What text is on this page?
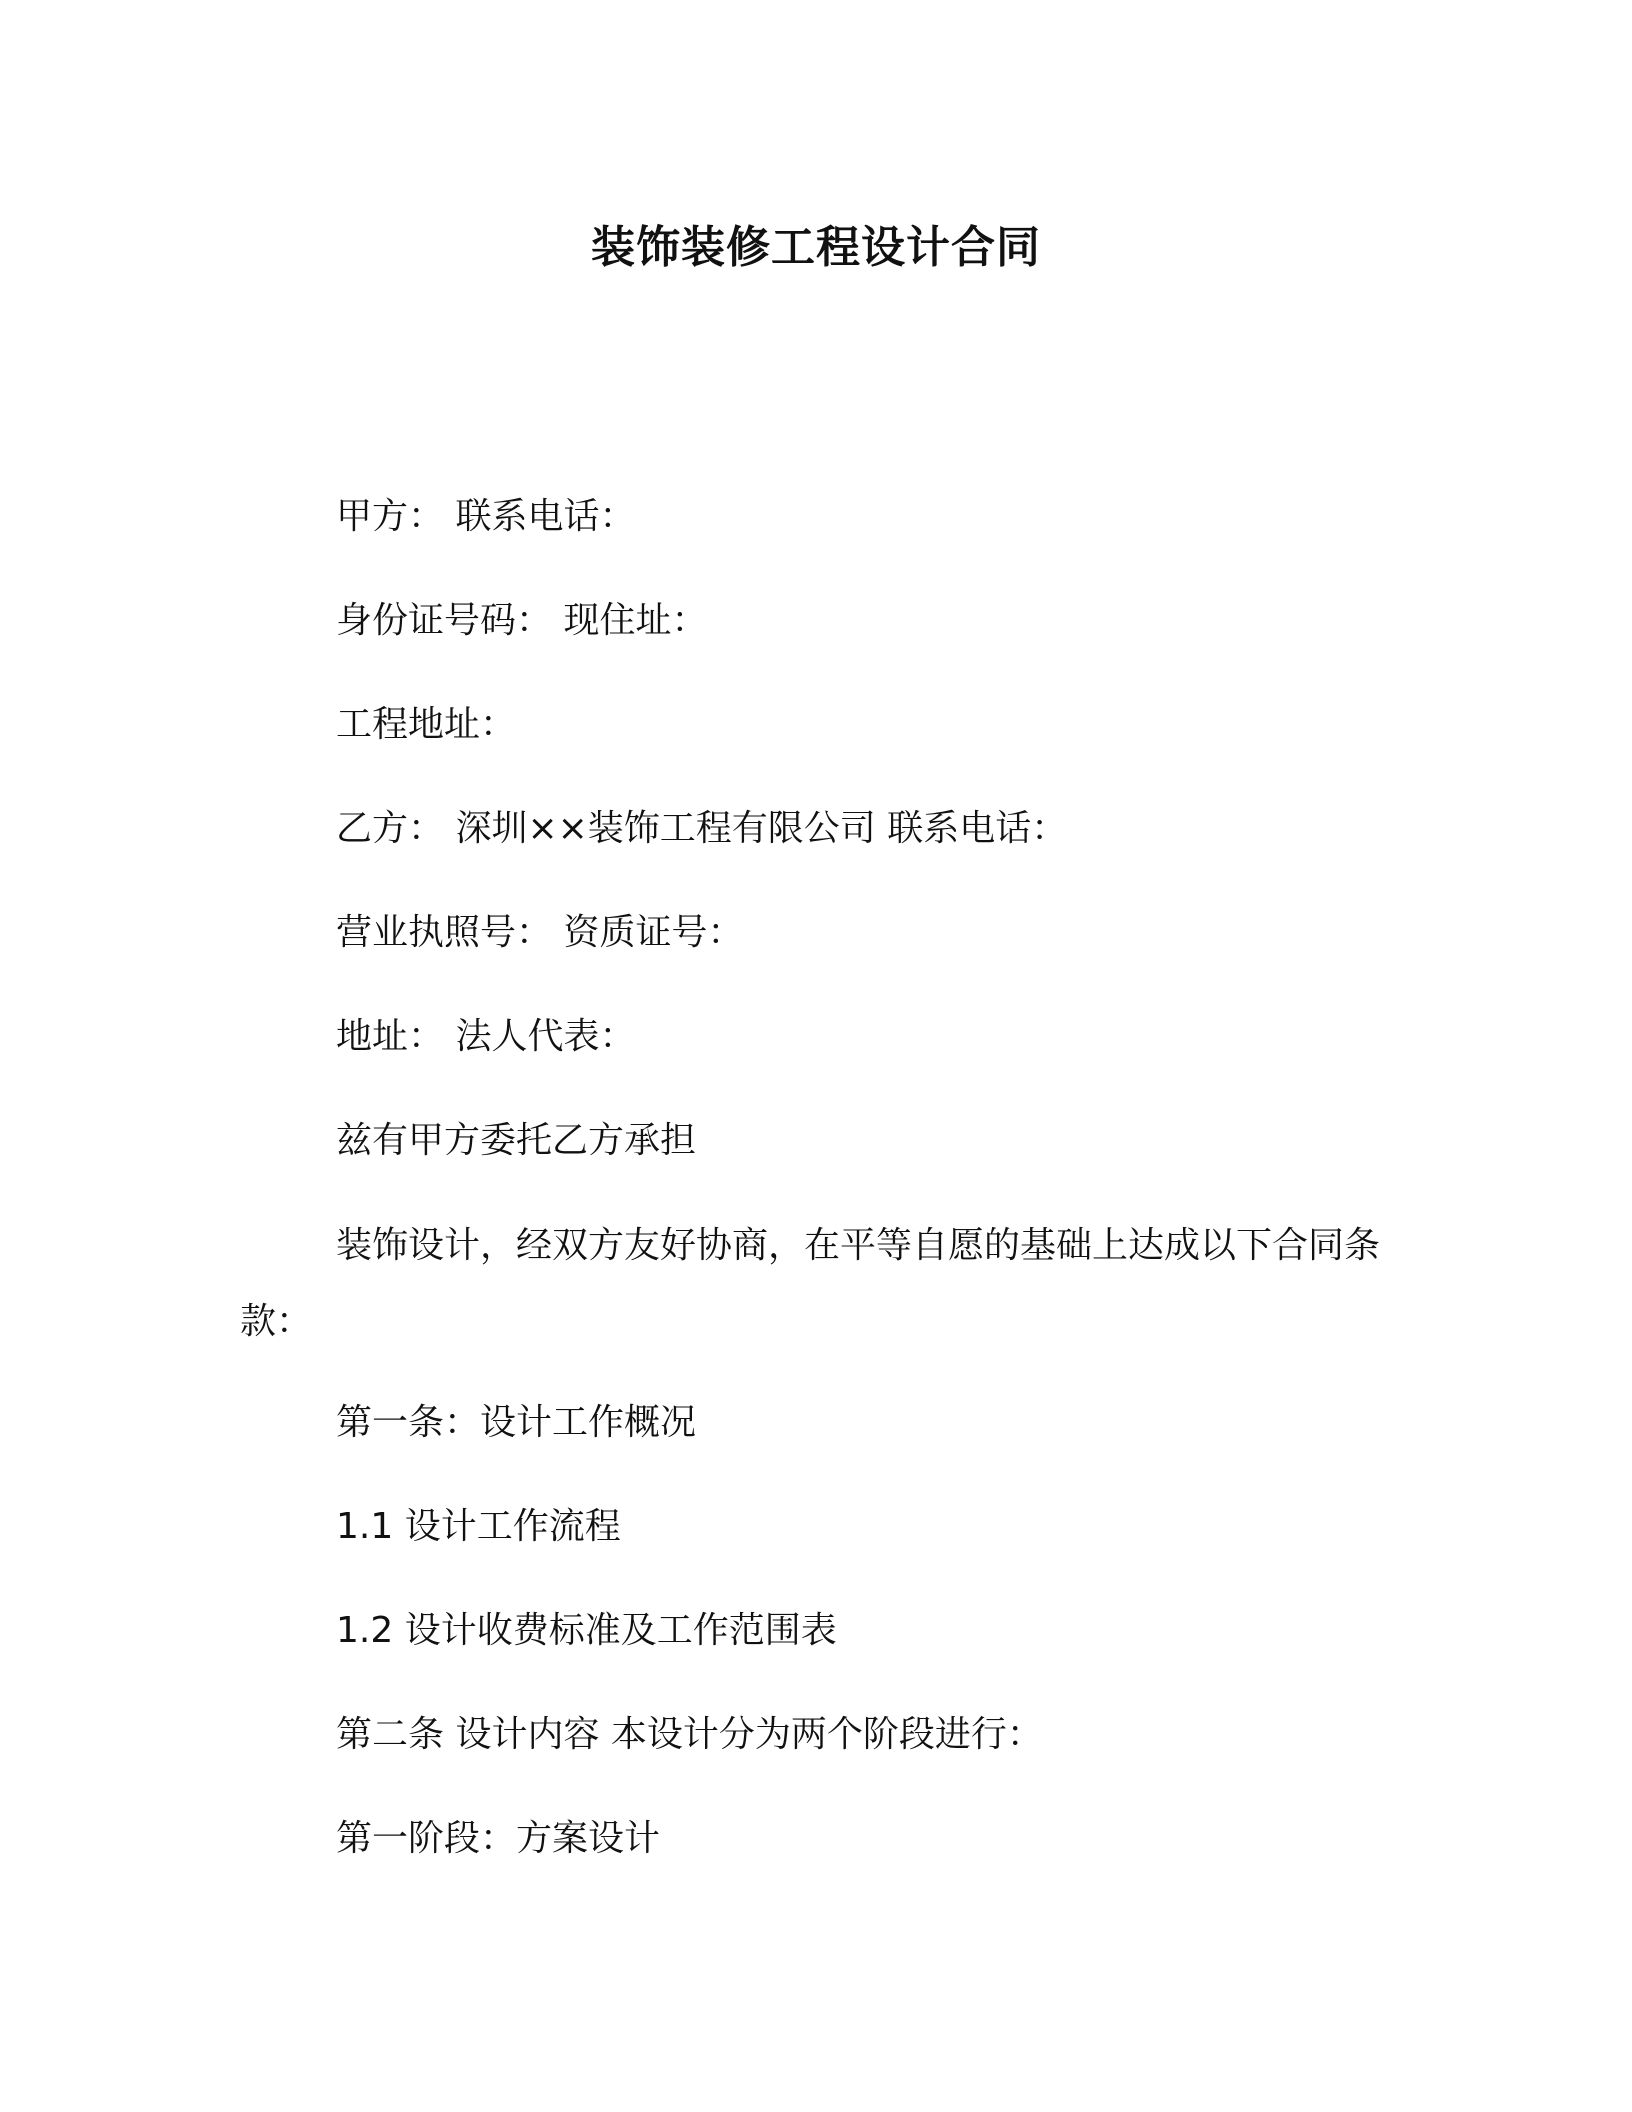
装饰装修工程设计合同

甲方： 联系电话：

身份证号码： 现住址：

工程地址：

乙方： 深圳××装饰工程有限公司 联系电话：

营业执照号： 资质证号：

地址： 法人代表：

兹有甲方委托乙方承担

装饰设计，经双方友好协商，在平等自愿的基础上达成以下合同条款：

第一条：设计工作概况

1.1 设计工作流程

1.2 设计收费标准及工作范围表

第二条 设计内容 本设计分为两个阶段进行：

第一阶段：方案设计
